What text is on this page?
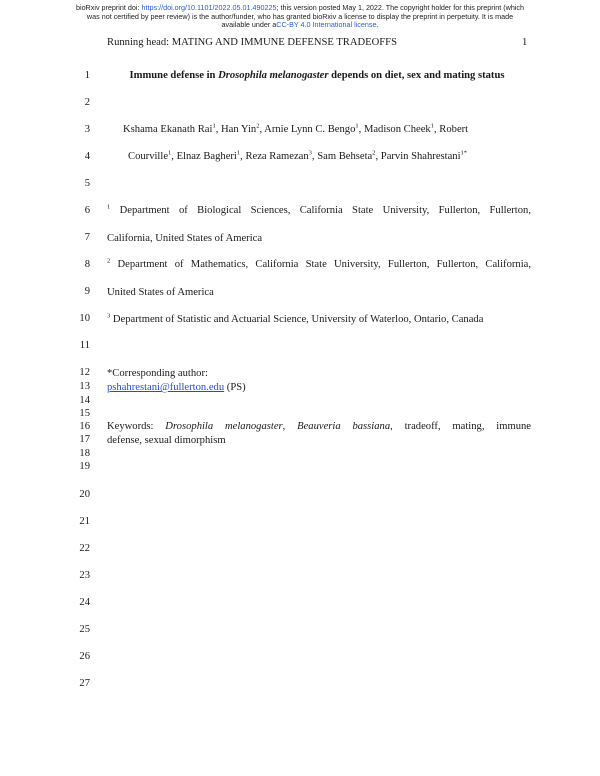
bioRxiv preprint doi: https://doi.org/10.1101/2022.05.01.490225; this version posted May 1, 2022. The copyright holder for this preprint (which
was not certified by peer review) is the author/funder, who has granted bioRxiv a license to display the preprint in perpetuity. It is made
available under aCC-BY 4.0 International license.
Running head: MATING AND IMMUNE DEFENSE TRADEOFFS	1
1
2
3
4
5
6
7
8
9
10
11
12
13
14
15
16
17
18
19
20
21
22
23
24
25
26
27
Immune defense in Drosophila melanogaster depends on diet, sex and mating status
Kshama Ekanath Rai$^1$, Han Yin$^2$, Arnie Lynn C. Bengo$^1$, Madison Cheek$^1$, Robert
Courville$^1$, Elnaz Bagheri$^1$, Reza Ramezan$^3$, Sam Behseta$^2$, Parvin Shahrestani$^{1*}$
$^1$ Department of Biological Sciences, California State University, Fullerton, Fullerton,
California, United States of America
$^2$ Department of Mathematics, California State University, Fullerton, Fullerton, California,
United States of America
$^3$ Department of Statistic and Actuarial Science, University of Waterloo, Ontario, Canada
*Corresponding author:
pshahrestani@fullerton.edu (PS)
Keywords: Drosophila melanogaster, Beauveria bassiana, tradeoff, mating, immune
defense, sexual dimorphism
